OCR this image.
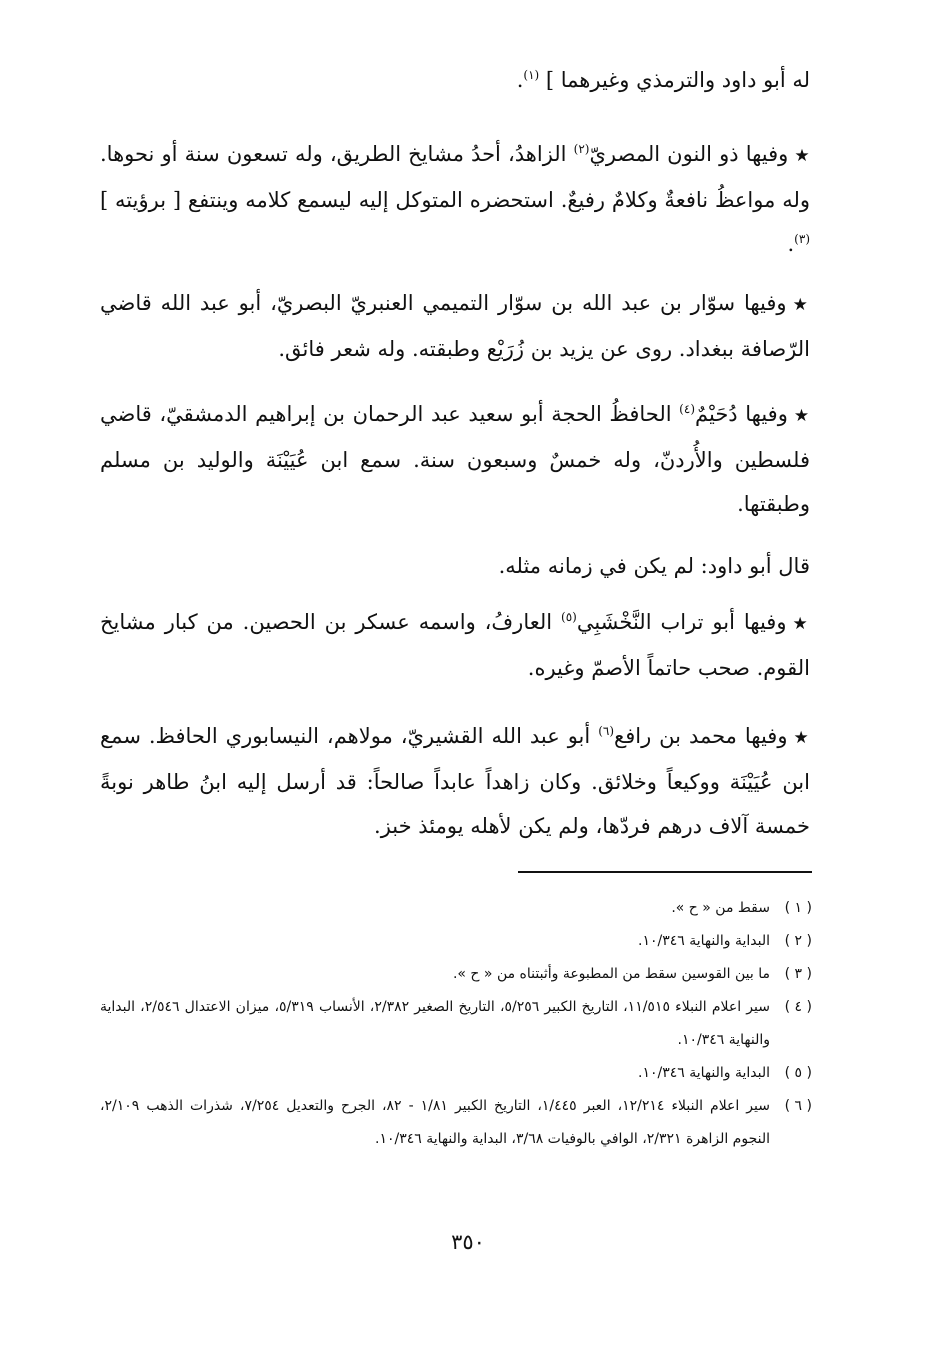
له أبو داود والترمذي وغيرهما ] $^{(١)}$.

★وفيها ذو النون المصريّ$^{(٢)}$ الزاهدُ، أحدُ مشايخ الطريق، وله تسعون سنة أو نحوها. وله مواعظُ نافعةٌ وكلامٌ رفيعٌ. استحضره المتوكل إليه ليسمع كلامه وينتفع [ برؤيته ] $^{(٣)}$.

★وفيها سوّار بن عبد الله بن سوّار التميمي العنبريّ البصريّ، أبو عبد الله قاضي الرّصافة ببغداد. روى عن يزيد بن زُرَيْع وطبقته. وله شعر فائق.

★وفيها دُحَيْمٌ$^{(٤)}$ الحافظُ الحجة أبو سعيد عبد الرحمان بن إبراهيم الدمشقيّ، قاضي فلسطين والأُردنّ، وله خمسٌ وسبعون سنة. سمع ابن عُيَيْنَة والوليد بن مسلم وطبقتها.

قال أبو داود: لم يكن في زمانه مثله.

★وفيها أبو تراب النَّخْشَبِي$^{(٥)}$ العارفُ، واسمه عسكر بن الحصين. من كبار مشايخ القوم. صحب حاتماً الأصمّ وغيره.

★وفيها محمد بن رافع$^{(٦)}$ أبو عبد الله القشيريّ، مولاهم، النيسابوري الحافظ. سمع ابن عُيَيْنَة ووكيعاً وخلائق. وكان زاهداً عابداً صالحاً: قد أرسل إليه ابنُ طاهر نوبةً خمسة آلاف درهم فردّها، ولم يكن لأهله يومئذ خبز.

( ١ )
سقط من « ح ».
( ٢ )
البداية والنهاية ١٠/٣٤٦.
( ٣ )
ما بين القوسين سقط من المطبوعة وأثبتناه من « ح ».
( ٤ )
سير اعلام النبلاء ١١/٥١٥، التاريخ الكبير ٥/٢٥٦، التاريخ الصغير ٢/٣٨٢، الأنساب ٥/٣١٩، ميزان الاعتدال ٢/٥٤٦، البداية والنهاية ١٠/٣٤٦.
( ٥ )
البداية والنهاية ١٠/٣٤٦.
( ٦ )
سير اعلام النبلاء ١٢/٢١٤، العبر ١/٤٤٥، التاريخ الكبير ١/٨١ - ٨٢، الجرح والتعديل ٧/٢٥٤، شذرات الذهب ٢/١٠٩، النجوم الزاهرة ٢/٣٢١، الوافي بالوفيات ٣/٦٨، البداية والنهاية ١٠/٣٤٦.
٣٥٠
